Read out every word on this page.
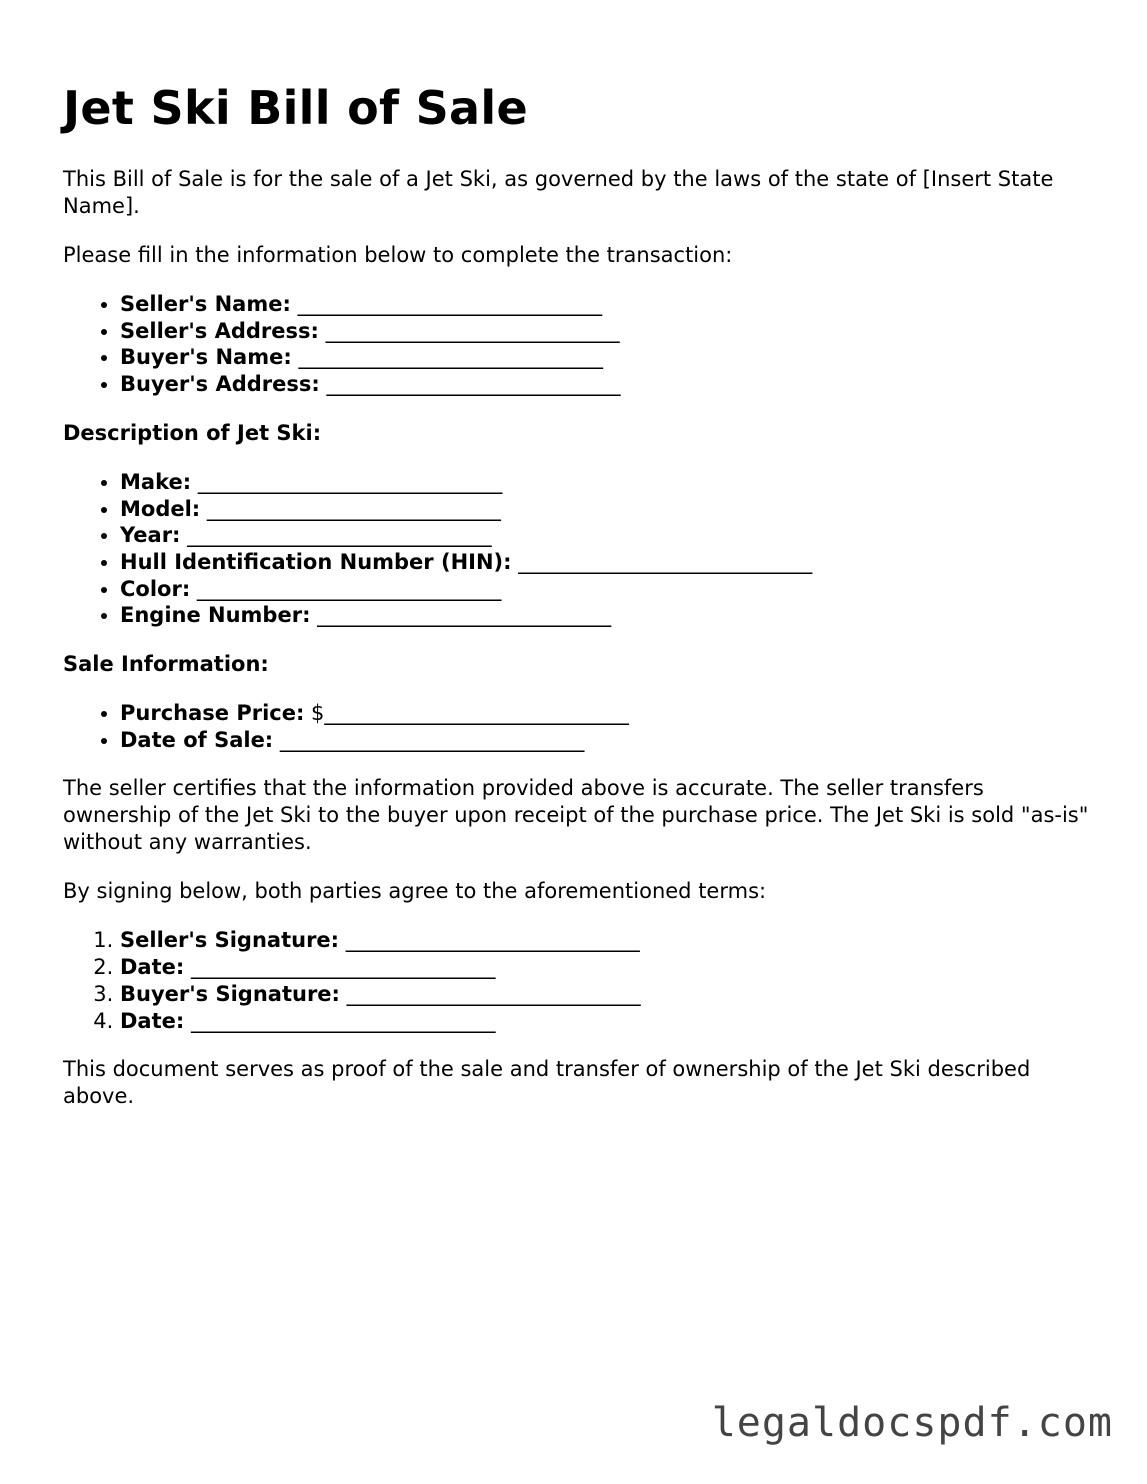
Jet Ski Bill of Sale

This Bill of Sale is for the sale of a Jet Ski, as governed by the laws of the state of [Insert State Name].

Please fill in the information below to complete the transaction:

• Seller's Name: _____________________________
• Seller's Address: ____________________________
• Buyer's Name: _____________________________
• Buyer's Address: ____________________________

Description of Jet Ski:

• Make: _____________________________
• Model: ____________________________
• Year: _____________________________
• Hull Identification Number (HIN): ____________________________
• Color: _____________________________
• Engine Number: ____________________________

Sale Information:

• Purchase Price: $_____________________________
• Date of Sale: _____________________________

The seller certifies that the information provided above is accurate. The seller transfers ownership of the Jet Ski to the buyer upon receipt of the purchase price. The Jet Ski is sold "as-is" without any warranties.

By signing below, both parties agree to the aforementioned terms:

1. Seller's Signature: ____________________________
2. Date: _____________________________
3. Buyer's Signature: ____________________________
4. Date: _____________________________

This document serves as proof of the sale and transfer of ownership of the Jet Ski described above.

legaldocspdf.com
